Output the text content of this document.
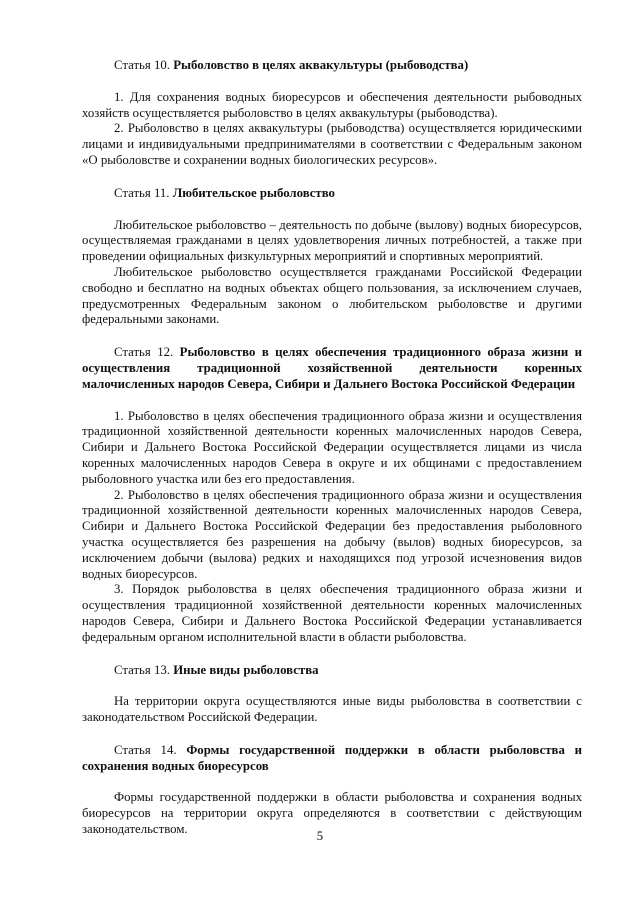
Статья 10. Рыболовство в целях аквакультуры (рыбоводства)

1. Для сохранения водных биоресурсов и обеспечения деятельности рыбоводных хозяйств осуществляется рыболовство в целях аквакультуры (рыбоводства).

2. Рыболовство в целях аквакультуры (рыбоводства) осуществляется юридическими лицами и индивидуальными предпринимателями в соответствии с Федеральным законом «О рыболовстве и сохранении водных биологических ресурсов».

Статья 11. Любительское рыболовство

Любительское рыболовство – деятельность по добыче (вылову) водных биоресурсов, осуществляемая гражданами в целях удовлетворения личных потребностей, а также при проведении официальных физкультурных мероприятий и спортивных мероприятий.

Любительское рыболовство осуществляется гражданами Российской Федерации свободно и бесплатно на водных объектах общего пользования, за исключением случаев, предусмотренных Федеральным законом о любительском рыболовстве и другими федеральными законами.

Статья 12. Рыболовство в целях обеспечения традиционного образа жизни и осуществления традиционной хозяйственной деятельности коренных малочисленных народов Севера, Сибири и Дальнего Востока Российской Федерации

1. Рыболовство в целях обеспечения традиционного образа жизни и осуществления традиционной хозяйственной деятельности коренных малочисленных народов Севера, Сибири и Дальнего Востока Российской Федерации осуществляется лицами из числа коренных малочисленных народов Севера в округе и их общинами с предоставлением рыболовного участка или без его предоставления.

2. Рыболовство в целях обеспечения традиционного образа жизни и осуществления традиционной хозяйственной деятельности коренных малочисленных народов Севера, Сибири и Дальнего Востока Российской Федерации без предоставления рыболовного участка осуществляется без разрешения на добычу (вылов) водных биоресурсов, за исключением добычи (вылова) редких и находящихся под угрозой исчезновения видов водных биоресурсов.

3. Порядок рыболовства в целях обеспечения традиционного образа жизни и осуществления традиционной хозяйственной деятельности коренных малочисленных народов Севера, Сибири и Дальнего Востока Российской Федерации устанавливается федеральным органом исполнительной власти в области рыболовства.

Статья 13. Иные виды рыболовства

На территории округа осуществляются иные виды рыболовства в соответствии с законодательством Российской Федерации.

Статья 14. Формы государственной поддержки в области рыболовства и сохранения водных биоресурсов

Формы государственной поддержки в области рыболовства и сохранения водных биоресурсов на территории округа определяются в соответствии с действующим законодательством.	5
